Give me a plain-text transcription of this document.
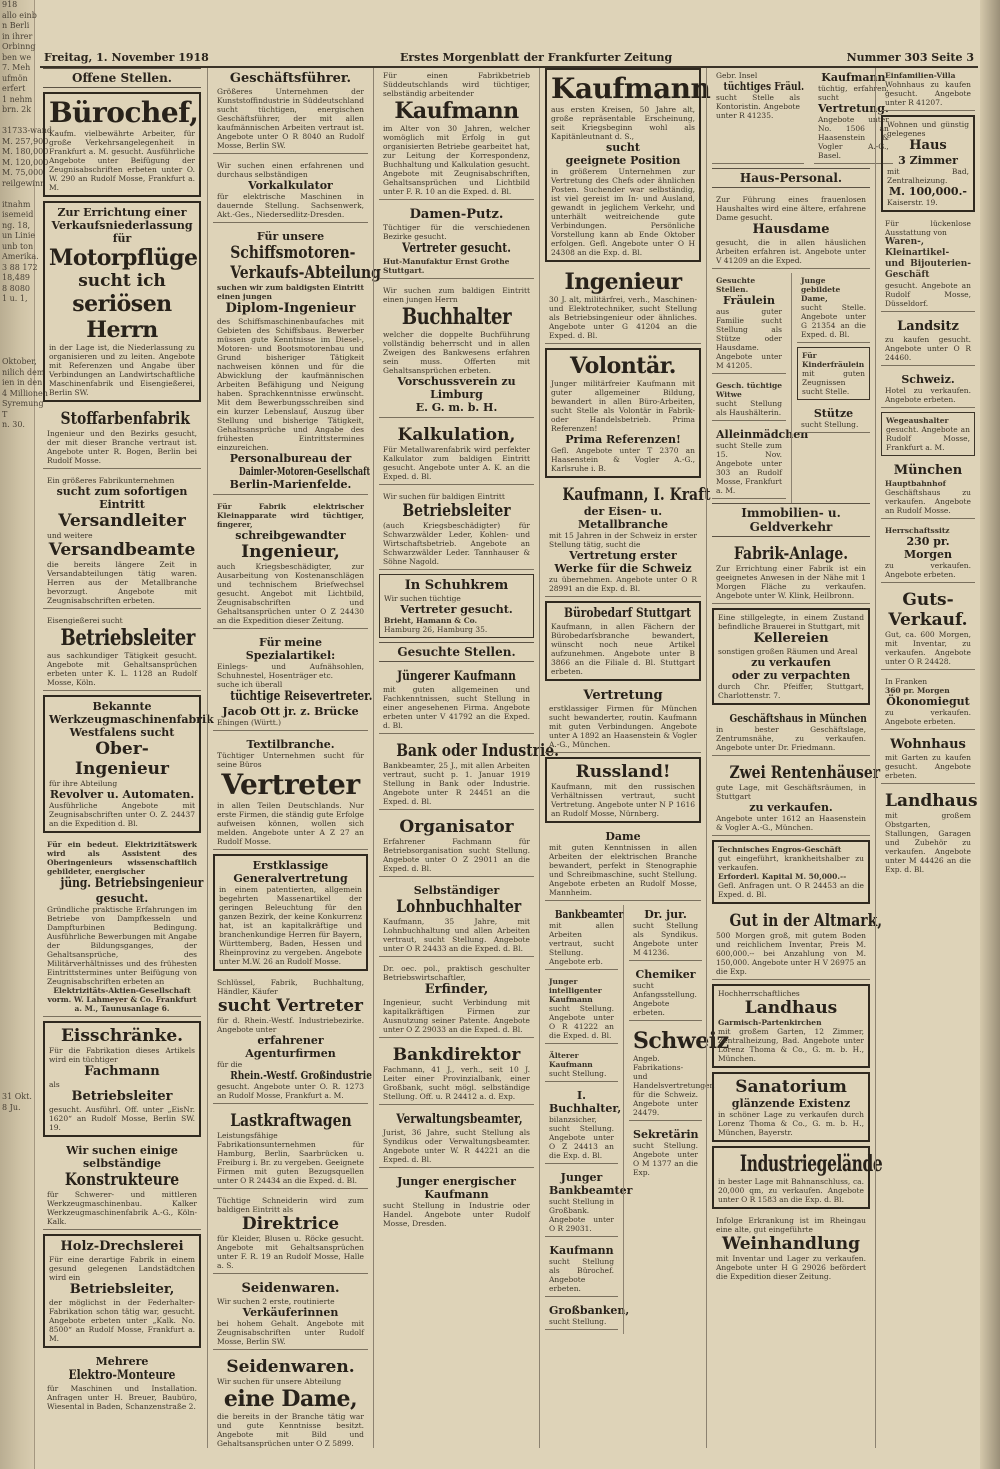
918
allo einb
n Berli
in ihrer
Orbinng
ben we
7. Meh
ufmön
erfert
1 nehm
brn. 2k

31733-wand
M. 257,900
M. 180,000
M. 120,000
M. 75,000
reilgewinn

itnahm
isemeid
ng. 18,
un Linie
unb ton
Amerika.
3 88 172
18,489
8 8080
1 u. 1,

Oktober,
nilich dem
ien in den
4 Millionen
Syremung
T
n. 30.

31 Okt.
8 Ju.

Freitag, 1. November 1918	Erstes Morgenblatt der Frankfurter Zeitung	Nummer 303 Seite 3
Offene Stellen.
Bürochef,
Kaufm. vielbewährte Arbeiter, für große Verkehrsangelegenheit in Frankfurt a. M. gesucht. Ausführliche Angebote unter Beifügung der Zeugnisabschriften erbeten unter O. W. 290 an Rudolf Mosse, Frankfurt a. M.
Zur Errichtung einer
Verkaufsniederlassung für
Motorpflüge
sucht ich
seriösen Herrn
in der Lage ist, die Niederlassung zu organisieren und zu leiten. Angebote mit Referenzen und Angabe über Verbindungen an Landwirtschaftliche Maschinenfabrik und Eisengießerei, Berlin SW.
Stoffarbenfabrik
Ingenieur und den Bezirks gesucht, der mit dieser Branche vertraut ist. Angebote unter R. Bogen, Berlin bei Rudolf Mosse.
Ein größeres Fabrikunternehmen
sucht zum sofortigen Eintritt
Versandleiter
und weitere
Versandbeamte
die bereits längere Zeit in Versandabteilungen tätig waren. Herren aus der Metallbranche bevorzugt. Angebote mit Zeugnisabschriften erbeten.
Eisengießerei sucht
Betriebsleiter
aus sachkundiger Tätigkeit gesucht. Angebote mit Gehaltsansprüchen erbeten unter K. L. 1128 an Rudolf Mosse, Köln.
Bekannte Werkzeugmaschinenfabrik
Westfalens sucht
Ober-Ingenieur
für ihre Abteilung
Revolver u. Automaten.
Ausführliche Angebote mit Zeugnisabschriften unter O. Z. 24437 an die Expedition d. Bl.
Für ein bedeut. Elektrizitätswerk wird als Assistent des Oberingenieurs wissenschaftlich gebildeter, energischer
jüng. Betriebsingenieur
gesucht.
Gründliche praktische Erfahrungen im Betriebe von Dampfkesseln und Dampfturbinen Bedingung. Ausführliche Bewerbungen mit Angabe der Bildungsganges, der Gehaltsansprüche, des Militärverhältnisses und des frühesten Eintrittstermines unter Beifügung von Zeugnisabschriften erbeten an
Elektrizitäts-Aktien-Gesellschaft vorm. W. Lahmeyer & Co. Frankfurt a. M., Taunusanlage 6.
Eisschränke.
Für die Fabrikation dieses Artikels wird ein tüchtiger
Fachmann
als
Betriebsleiter
gesucht. Ausführl. Off. unter „EisNr. 1620“ an Rudolf Mosse, Berlin SW. 19.
Wir suchen einige selbständige
Konstrukteure
für Schwerer- und mittleren Werkzeugmaschinenbau. Kalker Werkzeugmaschinenfabrik A.-G., Köln-Kalk.
Holz-Drechslerei
Für eine derartige Fabrik in einem gesund gelegenen Landstädtchen wird ein
Betriebsleiter,
der möglichst in der Federhalter-Fabrikation schon tätig war, gesucht. Angebote erbeten unter „Kalk. No. 8500“ an Rudolf Mosse, Frankfurt a. M.
Mehrere
Elektro-Monteure
für Maschinen und Installation. Anfragen unter H. Breuer, Baubüro, Wiesental in Baden, Schanzenstraße 2.
Geschäftsführer.
Größeres Unternehmen der Kunststoffindustrie in Süddeutschland sucht tüchtigen, energischen Geschäftsführer, der mit allen kaufmännischen Arbeiten vertraut ist. Angebote unter O R 8040 an Rudolf Mosse, Berlin SW.
Wir suchen einen erfahrenen und durchaus selbständigen
Vorkalkulator
für elektrische Maschinen in dauernde Stellung. Sachsenwerk, Akt.-Ges., Niedersedlitz-Dresden.
Für unsere
Schiffsmotoren-
Verkaufs-Abteilung
suchen wir zum baldigsten Eintritt einen jungen
Diplom-Ingenieur
des Schiffsmaschinenbaufaches mit Gebieten des Schiffsbaus. Bewerber müssen gute Kenntnisse im Diesel-, Motoren- und Bootsmotorenbau und Grund bisheriger Tätigkeit nachweisen können und für die Abwicklung der kaufmännischen Arbeiten Befähigung und Neigung haben. Sprachkenntnisse erwünscht. Mit dem Bewerbungsschreiben sind ein kurzer Lebenslauf, Auszug über Stellung und bisherige Tätigkeit, Gehaltsansprüche und Angabe des frühesten Eintrittstermines einzureichen.
Personalbureau der
Daimler-Motoren-Gesellschaft
Berlin-Marienfelde.
Für Fabrik elektrischer Kleinapparate wird tüchtiger, fingerer,
schreibgewandter
Ingenieur,
auch Kriegsbeschädigter, zur Ausarbeitung von Kostenanschlägen und technischem Briefwechsel gesucht. Angebot mit Lichtbild, Zeugnisabschriften und Gehaltsansprüchen unter O Z 24430 an die Expedition dieser Zeitung.
Für meine Spezialartikel:
Einlegs- und Aufnähsohlen, Schuhnestel, Hosenträger etc.
suche ich überall
tüchtige Reisevertreter.
Jacob Ott jr. z. Brücke
Ehingen (Württ.)
Textilbranche.
Tüchtiger Unternehmen sucht für seine Büros
Vertreter
in allen Teilen Deutschlands. Nur erste Firmen, die ständig gute Erfolge aufweisen können, wollen sich melden. Angebote unter A Z 27 an Rudolf Mosse.
Erstklassige Generalvertretung
in einem patentierten, allgemein begehrten Massenartikel der geringen Beleuchtung für den ganzen Bezirk, der keine Konkurrenz hat, ist an kapitalkräftige und branchenkundige Herren für Bayern, Württemberg, Baden, Hessen und Rheinprovinz zu vergeben. Angebote unter M.W. 26 an Rudolf Mosse.
Schlüssel, Fabrik, Buchhaltung, Händler, Käufer
sucht Vertreter
für d. Rhein.-Westf. Industriebezirke. Angebote unter
erfahrener Agenturfirmen
für die
Rhein.-Westf. Großindustrie
gesucht. Angebote unter O. R. 1273 an Rudolf Mosse, Frankfurt a. M.
Lastkraftwagen
Leistungsfähige Fabrikationsunternehmen für Hamburg, Berlin, Saarbrücken u. Freiburg i. Br. zu vergeben. Geeignete Firmen mit guten Bezugsquellen unter O R 24434 an die Exped. d. Bl.
Tüchtige Schneiderin wird zum baldigen Eintritt als
Direktrice
für Kleider, Blusen u. Röcke gesucht. Angebote mit Gehaltsansprüchen unter F. R. 19 an Rudolf Mosse, Halle a. S.
Seidenwaren.
Wir suchen 2 erste, routinierte
Verkäuferinnen
bei hohem Gehalt. Angebote mit Zeugnisabschriften unter Rudolf Mosse, Berlin SW.
Seidenwaren.
Wir suchen für unsere Abteilung
eine Dame,
die bereits in der Branche tätig war und gute Kenntnisse besitzt. Angebote mit Bild und Gehaltsansprüchen unter O Z 5899.
Für einen Fabrikbetrieb Süddeutschlands wird tüchtiger, selbständig arbeitender
Kaufmann
im Alter von 30 Jahren, welcher womöglich mit Erfolg in gut organisierten Betriebe gearbeitet hat, zur Leitung der Korrespondenz, Buchhaltung und Kalkulation gesucht. Angebote mit Zeugnisabschriften, Gehaltsansprüchen und Lichtbild unter F. R. 10 an die Exped. d. Bl.
Damen-Putz.
Tüchtiger für die verschiedenen Bezirke gesucht.
Vertreter gesucht.
Hut-Manufaktur Ernst Grothe
Stuttgart.
Wir suchen zum baldigen Eintritt einen jungen Herrn
Buchhalter
welcher die doppelte Buchführung vollständig beherrscht und in allen Zweigen des Bankwesens erfahren sein muss. Offerten mit Gehaltsansprüchen erbeten.
Vorschussverein zu Limburg
E. G. m. b. H.
Kalkulation,
Für Metallwarenfabrik wird perfekter Kalkulator zum baldigen Eintritt gesucht. Angebote unter A. K. an die Exped. d. Bl.
Wir suchen für baldigen Eintritt
Betriebsleiter
(auch Kriegsbeschädigter) für Schwarzwälder Leder, Kohlen- und Wirtschaftsbetrieb. Angebote an Schwarzwälder Leder. Tannhauser & Söhne Nagold.
In Schuhkrem
Wir suchen tüchtige
Vertreter gesucht.
Brieht, Hamann & Co.
Hamburg 26, Hamburg 35.
Gesuchte Stellen.
Jüngerer Kaufmann
mit guten allgemeinen und Fachkenntnissen, sucht Stellung in einer angesehenen Firma. Angebote erbeten unter V 41792 an die Exped. d. Bl.
Bank oder Industrie.
Bankbeamter, 25 J., mit allen Arbeiten vertraut, sucht p. 1. Januar 1919 Stellung in Bank oder Industrie. Angebote unter R 24451 an die Exped. d. Bl.
Organisator
Erfahrener Fachmann für Betriebsorganisation sucht Stellung. Angebote unter O Z 29011 an die Exped. d. Bl.
Selbständiger
Lohnbuchhalter
Kaufmann, 35 Jahre, mit Lohnbuchhaltung und allen Arbeiten vertraut, sucht Stellung. Angebote unter O R 24433 an die Exped. d. Bl.
Dr. oec. pol., praktisch geschulter Betriebswirtschaftler,
Erfinder,
Ingenieur, sucht Verbindung mit kapitalkräftigen Firmen zur Ausnutzung seiner Patente. Angebote unter O Z 29033 an die Exped. d. Bl.
Bankdirektor
Fachmann, 41 J., verh., seit 10 J. Leiter einer Provinzialbank, einer Großbank, sucht mögl. selbständige Stellung. Off. u. R 24412 a. d. Exp.
Verwaltungsbeamter,
Jurist, 36 Jahre, sucht Stellung als Syndikus oder Verwaltungsbeamter. Angebote unter W. R 44221 an die Exped. d. Bl.
Junger energischer Kaufmann
sucht Stellung in Industrie oder Handel. Angebote unter Rudolf Mosse, Dresden.
Kaufmann
aus ersten Kreisen, 50 Jahre alt, große repräsentable Erscheinung, seit Kriegsbeginn wohl als Kapitänleutnant d. S.,
sucht
geeignete Position
in größerem Unternehmen zur Vertretung des Chefs oder ähnlichen Posten. Suchender war selbständig, ist viel gereist im In- und Ausland, gewandt in jeglichem Verkehr, und unterhält weitreichende gute Verbindungen. Persönliche Vorstellung kann ab Ende Oktober erfolgen. Gefl. Angebote unter O H 24308 an die Exp. d. Bl.
Ingenieur
30 J. alt, militärfrei, verh., Maschinen- und Elektrotechniker, sucht Stellung als Betriebsingenieur oder ähnliches. Angebote unter G 41204 an die Exped. d. Bl.
Volontär.
Junger militärfreier Kaufmann mit guter allgemeiner Bildung, bewandert in allen Büro-Arbeiten, sucht Stelle als Volontär in Fabrik- oder Handelsbetrieb. Prima Referenzen!
Prima Referenzen!
Gefl. Angebote unter T 2370 an Haasenstein & Vogler A.-G., Karlsruhe i. B.
Kaufmann, I. Kraft
der Eisen- u. Metallbranche
mit 15 Jahren in der Schweiz in erster Stellung tätig, sucht die
Vertretung erster Werke für die Schweiz
zu übernehmen. Angebote unter O R 28991 an die Exp. d. Bl.
Bürobedarf Stuttgart
Kaufmann, in allen Fächern der Bürobedarfsbranche bewandert, wünscht noch neue Artikel aufzunehmen. Angebote unter B 3866 an die Filiale d. Bl. Stuttgart erbeten.
Vertretung
erstklassiger Firmen für München sucht bewanderter, routin. Kaufmann mit guten Verbindungen. Angebote unter A 1892 an Haasenstein & Vogler A.-G., München.
Russland!
Kaufmann, mit den russischen Verhältnissen vertraut, sucht Vertretung. Angebote unter N P 1616 an Rudolf Mosse, Nürnberg.
Dame
mit guten Kenntnissen in allen Arbeiten der elektrischen Branche bewandert, perfekt in Stenographie und Schreibmaschine, sucht Stellung. Angebote erbeten an Rudolf Mosse, Mannheim.
Bankbeamter
mit allen Arbeiten vertraut, sucht Stellung. Angebote erb.
Junger intelligenter Kaufmann
sucht Stellung. Angebote unter O R 41222 an die Exped. d. Bl.
Älterer Kaufmann
sucht Stellung.
I. Buchhalter,
bilanzsicher, sucht Stellung. Angebote unter O Z 24413 an die Exp. d. Bl.
Junger Bankbeamter
sucht Stellung in Großbank. Angebote unter O R 29031.
Kaufmann
sucht Stellung als Bürochef. Angebote erbeten.
Großbanken,
sucht Stellung.
Dr. jur.
sucht Stellung als Syndikus. Angebote unter M 41236.
Chemiker
sucht Anfangsstellung. Angebote erbeten.
Schweiz
Angeb. Fabrikations- und Handelsvertretungen für die Schweiz. Angebote unter 24479.
Sekretärin
sucht Stellung. Angebote unter O M 1377 an die Exp.
Gebr. Insel
tüchtiges Fräul.
sucht Stelle als Kontoristin. Angebote unter R 41235.
Kaufmann
tüchtig, erfahren, sucht
Vertretung.
Angebote unter No. 1506 an Haasenstein & Vogler A.-G., Basel.
Haus-Personal.
Zur Führung eines frauenlosen Haushaltes wird eine ältere, erfahrene Dame gesucht.
Hausdame
gesucht, die in allen häuslichen Arbeiten erfahren ist. Angebote unter V 41209 an die Exped.
Gesuchte Stellen.
Fräulein
aus guter Familie sucht Stellung als Stütze oder Hausdame. Angebote unter M 41205.
Gesch. tüchtige Witwe
sucht Stellung als Haushälterin.
Alleinmädchen
sucht Stelle zum 15. Nov. Angebote unter 303 an Rudolf Mosse, Frankfurt a. M.
Junge gebildete Dame,
sucht Stelle. Angebote unter G 21354 an die Exped. d. Bl.
Für Kinderfräulein
mit guten Zeugnissen sucht Stelle.
Stütze
sucht Stellung.
Immobilien- u. Geldverkehr
Fabrik-Anlage.
Zur Errichtung einer Fabrik ist ein geeignetes Anwesen in der Nähe mit 1 Morgen Fläche zu verkaufen. Angebote unter W. Klink, Heilbronn.
Eine stillgelegte, in einem Zustand befindliche Brauerei in Stuttgart, mit
Kellereien
sonstigen großen Räumen und Areal
zu verkaufen
oder zu verpachten
durch Chr. Pfeiffer, Stuttgart, Charlottenstr. 7.
Geschäftshaus in München
in bester Geschäftslage, Zentrumsnähe, zu verkaufen. Angebote unter Dr. Friedmann.
Zwei Rentenhäuser
gute Lage, mit Geschäftsräumen, in Stuttgart
zu verkaufen.
Angebote unter 1612 an Haasenstein & Vogler A.-G., München.
Technisches Engros-Geschäft
gut eingeführt, krankheitshalber zu verkaufen.
Erforderl. Kapital M. 50,000.--
Gefl. Anfragen unt. O R 24453 an die Exped. d. Bl.
Gut in der Altmark,
500 Morgen groß, mit gutem Boden und reichlichem Inventar, Preis M. 600,000.-- bei Anzahlung von M. 150,000. Angebote unter H V 26975 an die Exp.
Hochherrschaftliches
Landhaus
Garmisch-Partenkirchen
mit großem Garten, 12 Zimmer, Zentralheizung, Bad. Angebote unter Lorenz Thoma & Co., G. m. b. H., München.
Sanatorium
glänzende Existenz
in schöner Lage zu verkaufen durch Lorenz Thoma & Co., G. m. b. H., München, Bayerstr.
Industriegelände
in bester Lage mit Bahnanschluss, ca. 20,000 qm, zu verkaufen. Angebote unter O R 1583 an die Exp. d. Bl.
Infolge Erkrankung ist im Rheingau eine alte, gut eingeführte
Weinhandlung
mit Inventar und Lager zu verkaufen. Angebote unter H G 29026 befördert die Expedition dieser Zeitung.
Einfamilien-Villa
Wohnhaus zu kaufen gesucht. Angebote unter R 41207.
Wohnen und günstig gelegenes
Haus
3 Zimmer
mit Bad, Zentralheizung.
M. 100,000.-
Kaiserstr. 19.
Für lückenlose Ausstattung von
Waren-, Kleinartikel- und Bijouterien-Geschäft
gesucht. Angebote an Rudolf Mosse, Düsseldorf.
Landsitz
zu kaufen gesucht. Angebote unter O R 24460.
Schweiz.
Hotel zu verkaufen. Angebote erbeten.
Wegeaushalter
gesucht. Angebote an Rudolf Mosse, Frankfurt a. M.
München
Hauptbahnhof
Geschäftshaus zu verkaufen. Angebote an Rudolf Mosse.
Herrschaftssitz
230 pr. Morgen
zu verkaufen. Angebote erbeten.
Guts-Verkauf.
Gut, ca. 600 Morgen, mit Inventar, zu verkaufen. Angebote unter O R 24428.
In Franken
360 pr. Morgen
Ökonomiegut
zu verkaufen. Angebote erbeten.
Wohnhaus
mit Garten zu kaufen gesucht. Angebote erbeten.
Landhaus
mit großem Obstgarten, Stallungen, Garagen und Zubehör zu verkaufen. Angebote unter M 44426 an die Exp. d. Bl.
